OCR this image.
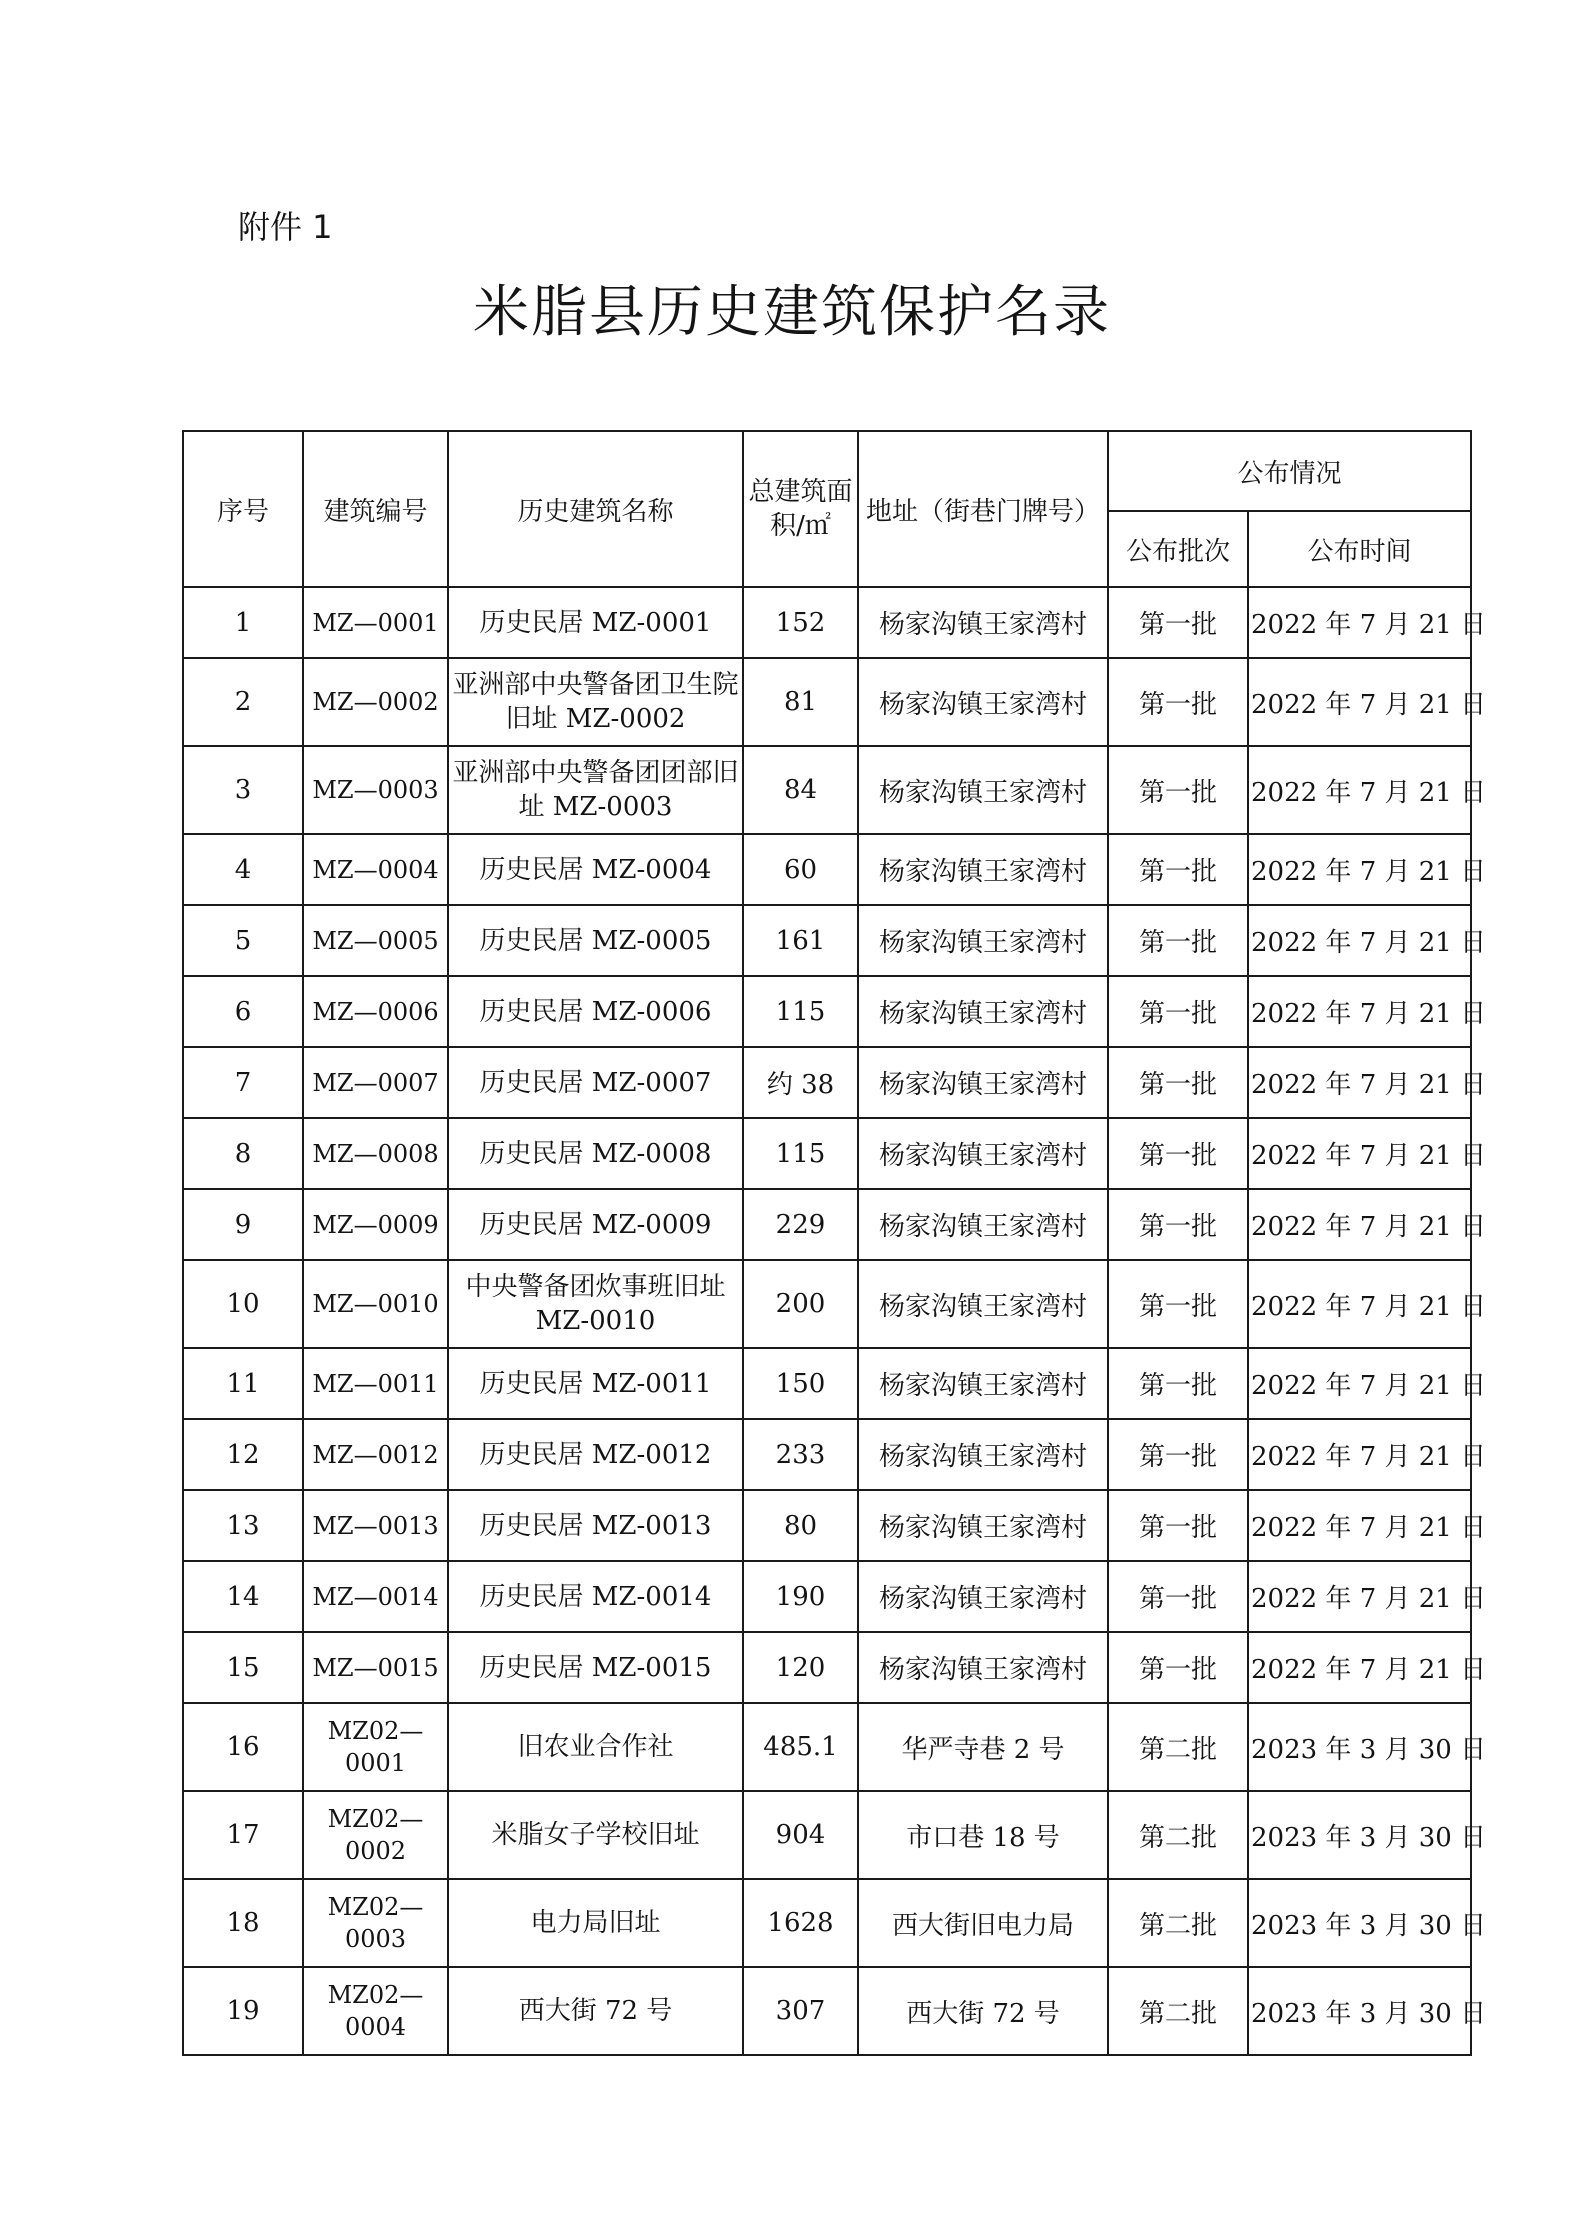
附件 1
米脂县历史建筑保护名录
序号	建筑编号	历史建筑名称	总建筑面积/㎡	地址（街巷门牌号）	公布情况	
					公布批次	公布时间
1	MZ—0001	历史民居 MZ-0001	152	杨家沟镇王家湾村	第一批	2022 年 7 月 21 日
2	MZ—0002	亚洲部中央警备团卫生院旧址 MZ-0002	81	杨家沟镇王家湾村	第一批	2022 年 7 月 21 日
3	MZ—0003	亚洲部中央警备团团部旧址 MZ-0003	84	杨家沟镇王家湾村	第一批	2022 年 7 月 21 日
4	MZ—0004	历史民居 MZ-0004	60	杨家沟镇王家湾村	第一批	2022 年 7 月 21 日
5	MZ—0005	历史民居 MZ-0005	161	杨家沟镇王家湾村	第一批	2022 年 7 月 21 日
6	MZ—0006	历史民居 MZ-0006	115	杨家沟镇王家湾村	第一批	2022 年 7 月 21 日
7	MZ—0007	历史民居 MZ-0007	约 38	杨家沟镇王家湾村	第一批	2022 年 7 月 21 日
8	MZ—0008	历史民居 MZ-0008	115	杨家沟镇王家湾村	第一批	2022 年 7 月 21 日
9	MZ—0009	历史民居 MZ-0009	229	杨家沟镇王家湾村	第一批	2022 年 7 月 21 日
10	MZ—0010	中央警备团炊事班旧址 MZ-0010	200	杨家沟镇王家湾村	第一批	2022 年 7 月 21 日
11	MZ—0011	历史民居 MZ-0011	150	杨家沟镇王家湾村	第一批	2022 年 7 月 21 日
12	MZ—0012	历史民居 MZ-0012	233	杨家沟镇王家湾村	第一批	2022 年 7 月 21 日
13	MZ—0013	历史民居 MZ-0013	80	杨家沟镇王家湾村	第一批	2022 年 7 月 21 日
14	MZ—0014	历史民居 MZ-0014	190	杨家沟镇王家湾村	第一批	2022 年 7 月 21 日
15	MZ—0015	历史民居 MZ-0015	120	杨家沟镇王家湾村	第一批	2022 年 7 月 21 日
16	MZ02—0001	旧农业合作社	485.1	华严寺巷 2 号	第二批	2023 年 3 月 30 日
17	MZ02—0002	米脂女子学校旧址	904	市口巷 18 号	第二批	2023 年 3 月 30 日
18	MZ02—0003	电力局旧址	1628	西大街旧电力局	第二批	2023 年 3 月 30 日
19	MZ02—0004	西大街 72 号	307	西大街 72 号	第二批	2023 年 3 月 30 日
